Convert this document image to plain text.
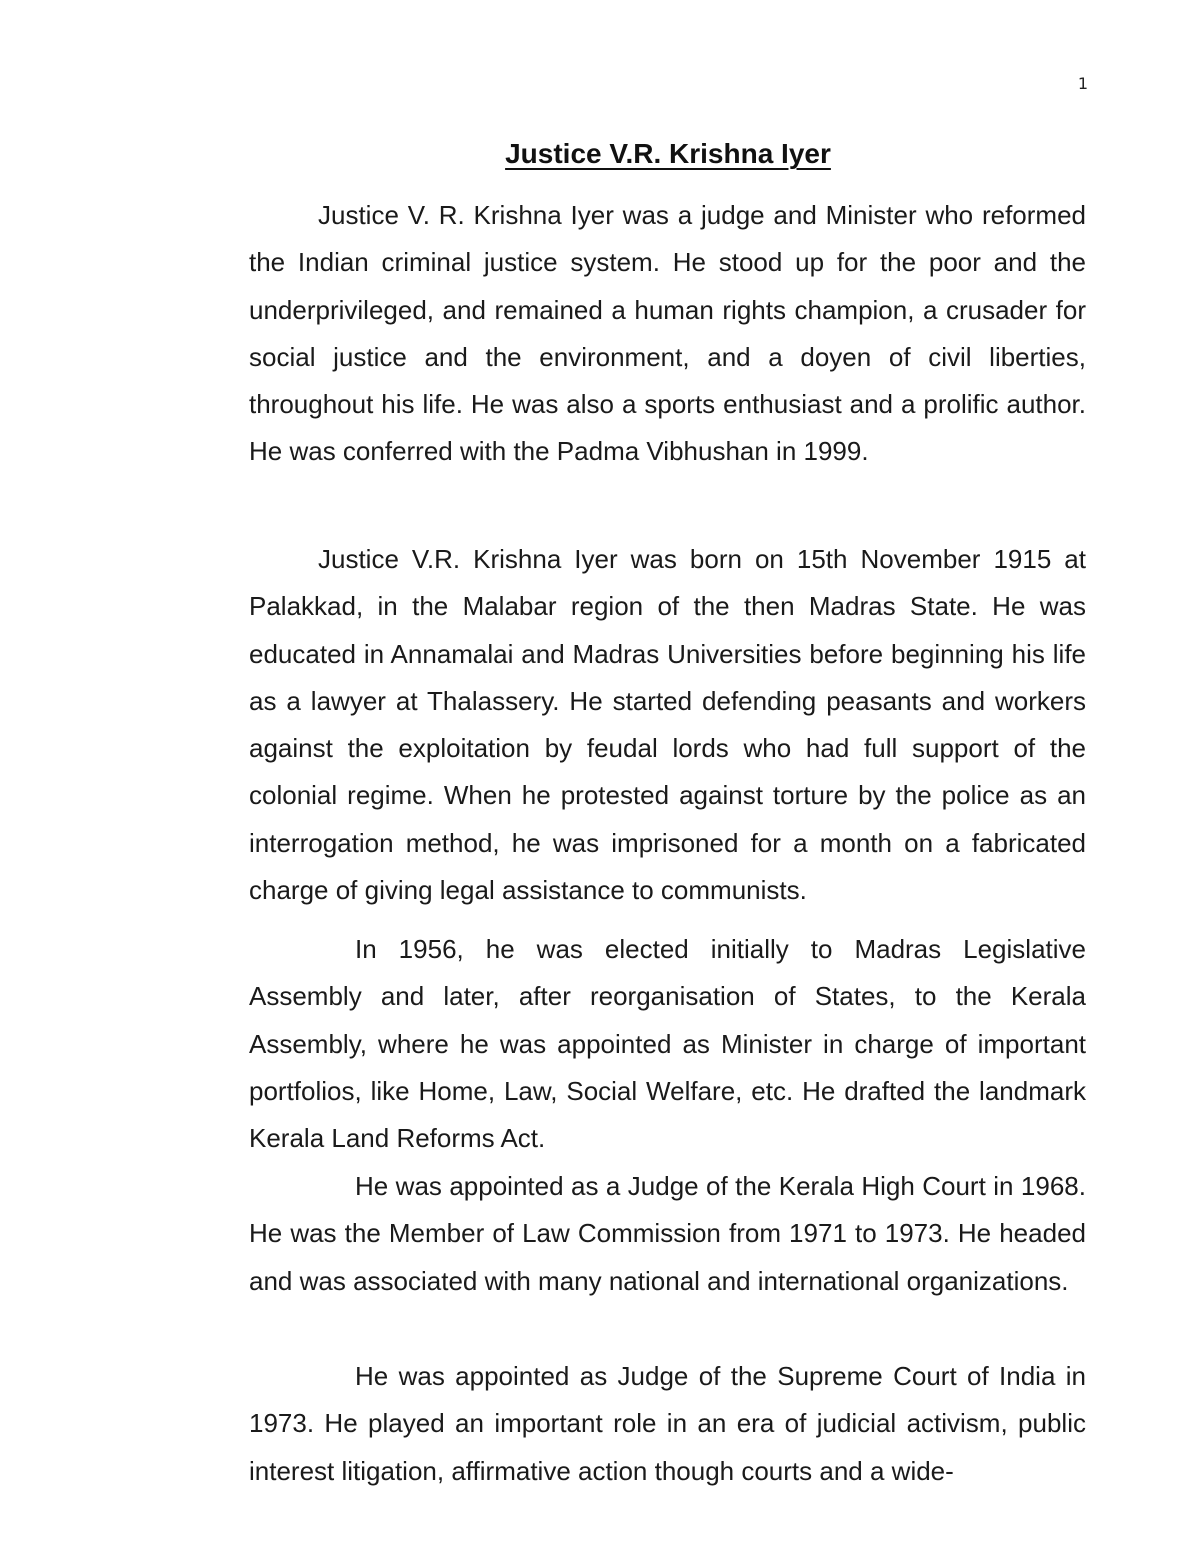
1
Justice V.R. Krishna Iyer

Justice V. R. Krishna Iyer was a judge and Minister who reformed the Indian criminal justice system. He stood up for the poor and the underprivileged, and remained a human rights champion, a crusader for social justice and the environment, and a doyen of civil liberties, throughout his life. He was also a sports enthusiast and a prolific author. He was conferred with the Padma Vibhushan in 1999.

Justice V.R. Krishna Iyer was born on 15th November 1915 at Palakkad, in the Malabar region of the then Madras State. He was educated in Annamalai and Madras Universities before beginning his life as a lawyer at Thalassery. He started defending peasants and workers against the exploitation by feudal lords who had full support of the colonial regime. When he protested against torture by the police as an interrogation method, he was imprisoned for a month on a fabricated charge of giving legal assistance to communists.

In 1956, he was elected initially to Madras Legislative Assembly and later, after reorganisation of States, to the Kerala Assembly, where he was appointed as Minister in charge of important portfolios, like Home, Law, Social Welfare, etc. He drafted the landmark Kerala Land Reforms Act.

He was appointed as a Judge of the Kerala High Court in 1968. He was the Member of Law Commission from 1971 to 1973. He headed and was associated with many national and international organizations.

He was appointed as Judge of the Supreme Court of India in 1973. He played an important role in an era of judicial activism, public interest litigation, affirmative action though courts and a wide-
